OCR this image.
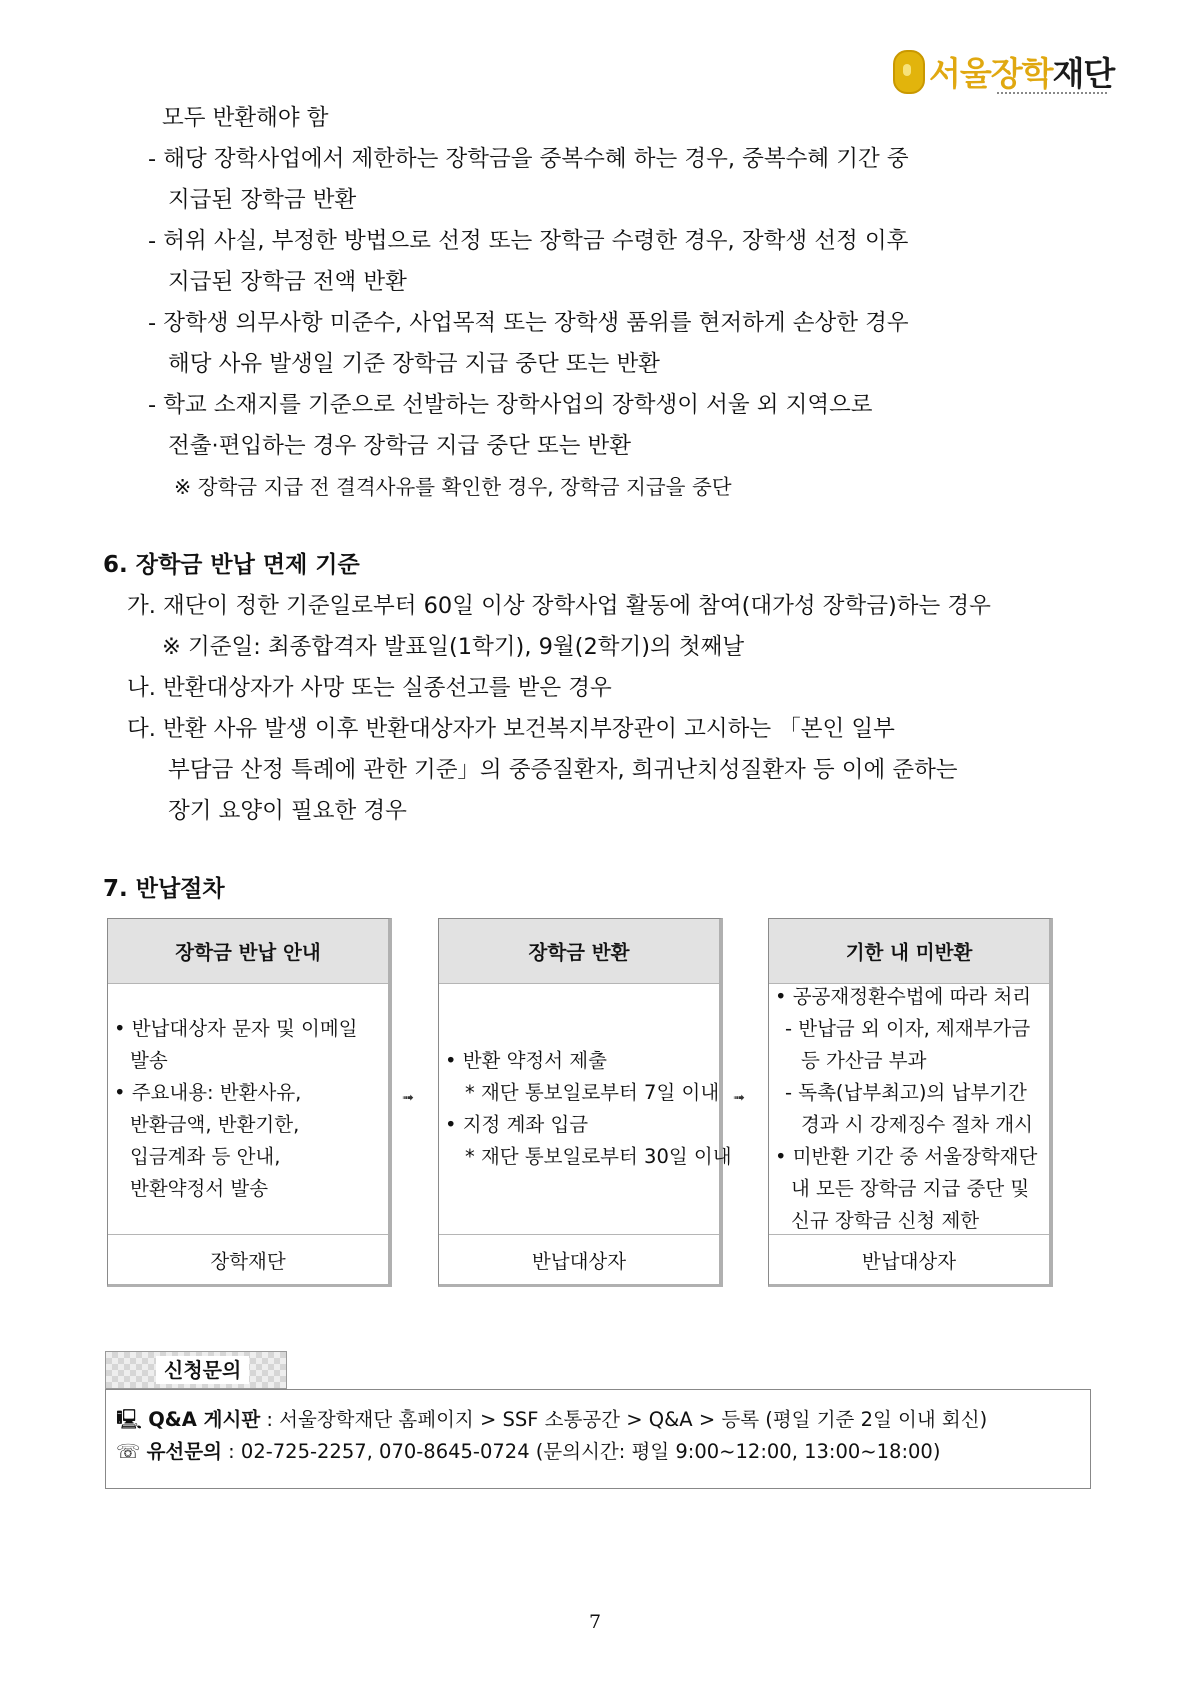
서울장학재단
모두 반환해야 함
- 해당 장학사업에서 제한하는 장학금을 중복수혜 하는 경우, 중복수혜 기간 중
지급된 장학금 반환
- 허위 사실, 부정한 방법으로 선정 또는 장학금 수령한 경우, 장학생 선정 이후
지급된 장학금 전액 반환
- 장학생 의무사항 미준수, 사업목적 또는 장학생 품위를 현저하게 손상한 경우
해당 사유 발생일 기준 장학금 지급 중단 또는 반환
- 학교 소재지를 기준으로 선발하는 장학사업의 장학생이 서울 외 지역으로
전출·편입하는 경우 장학금 지급 중단 또는 반환
※ 장학금 지급 전 결격사유를 확인한 경우, 장학금 지급을 중단
6. 장학금 반납 면제 기준
가. 재단이 정한 기준일로부터 60일 이상 장학사업 활동에 참여(대가성 장학금)하는 경우
※ 기준일: 최종합격자 발표일(1학기), 9월(2학기)의 첫째날
나. 반환대상자가 사망 또는 실종선고를 받은 경우
다. 반환 사유 발생 이후 반환대상자가 보건복지부장관이 고시하는 「본인 일부
부담금 산정 특례에 관한 기준」의 중증질환자, 희귀난치성질환자 등 이에 준하는
장기 요양이 필요한 경우
7. 반납절차
장학금 반납 안내
• 반납대상자 문자 및 이메일
발송
• 주요내용: 반환사유,
반환금액, 반환기한,
입금계좌 등 안내,
반환약정서 발송
장학재단
➟
장학금 반환
• 반환 약정서 제출
* 재단 통보일로부터 7일 이내
• 지정 계좌 입금
* 재단 통보일로부터 30일 이내
반납대상자
➟
기한 내 미반환
• 공공재정환수법에 따라 처리
- 반납금 외 이자, 제재부가금
등 가산금 부과
- 독촉(납부최고)의 납부기간
경과 시 강제징수 절차 개시
• 미반환 기간 중 서울장학재단
내 모든 장학금 지급 중단 및
신규 장학금 신청 제한
반납대상자
신청문의
🖳 Q&A 게시판 : 서울장학재단 홈페이지 > SSF 소통공간 > Q&A > 등록 (평일 기준 2일 이내 회신)
☏ 유선문의 : 02-725-2257, 070-8645-0724 (문의시간: 평일 9:00~12:00, 13:00~18:00)
7
